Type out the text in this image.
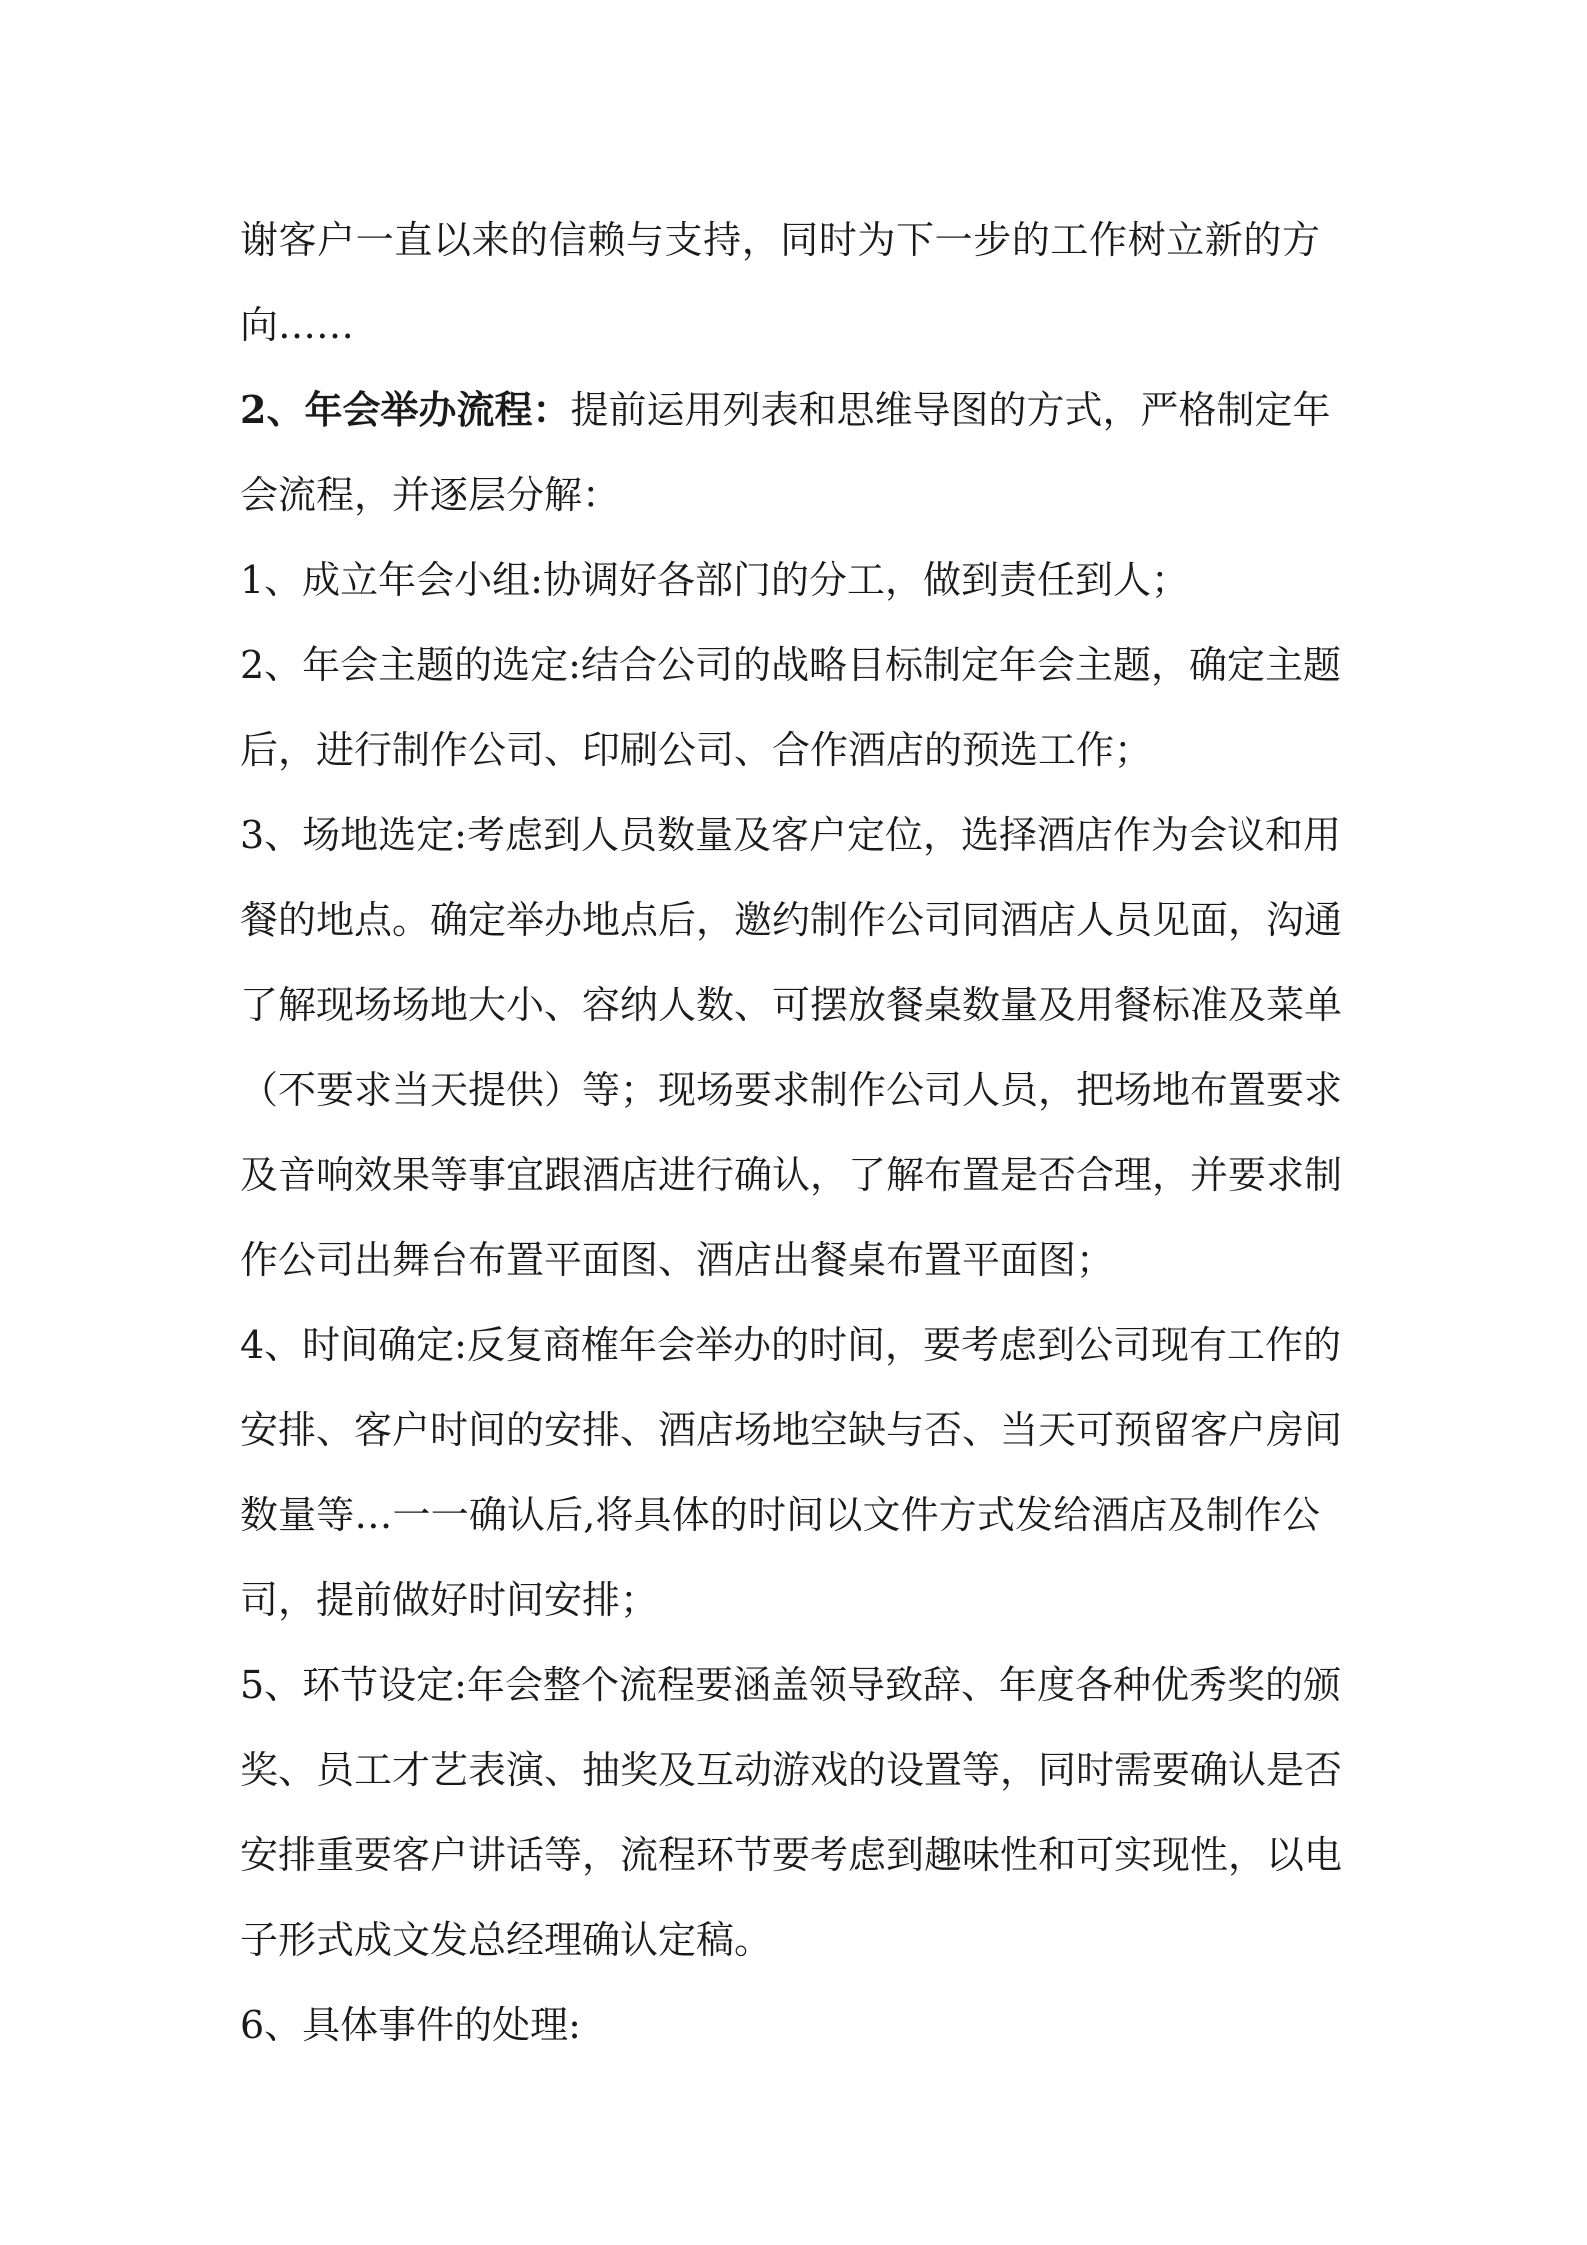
谢客户一直以来的信赖与支持，同时为下一步的工作树立新的方
向……
2、年会举办流程：提前运用列表和思维导图的方式，严格制定年
会流程，并逐层分解：
1、成立年会小组:协调好各部门的分工，做到责任到人；
2、年会主题的选定:结合公司的战略目标制定年会主题，确定主题
后，进行制作公司、印刷公司、合作酒店的预选工作；
3、场地选定:考虑到人员数量及客户定位，选择酒店作为会议和用
餐的地点。确定举办地点后，邀约制作公司同酒店人员见面，沟通
了解现场场地大小、容纳人数、可摆放餐桌数量及用餐标准及菜单
（不要求当天提供）等；现场要求制作公司人员，把场地布置要求
及音响效果等事宜跟酒店进行确认，了解布置是否合理，并要求制
作公司出舞台布置平面图、酒店出餐桌布置平面图；
4、时间确定:反复商榷年会举办的时间，要考虑到公司现有工作的
安排、客户时间的安排、酒店场地空缺与否、当天可预留客户房间
数量等…一一确认后,将具体的时间以文件方式发给酒店及制作公
司，提前做好时间安排；
5、环节设定:年会整个流程要涵盖领导致辞、年度各种优秀奖的颁
奖、员工才艺表演、抽奖及互动游戏的设置等，同时需要确认是否
安排重要客户讲话等，流程环节要考虑到趣味性和可实现性，以电
子形式成文发总经理确认定稿。
6、具体事件的处理:
